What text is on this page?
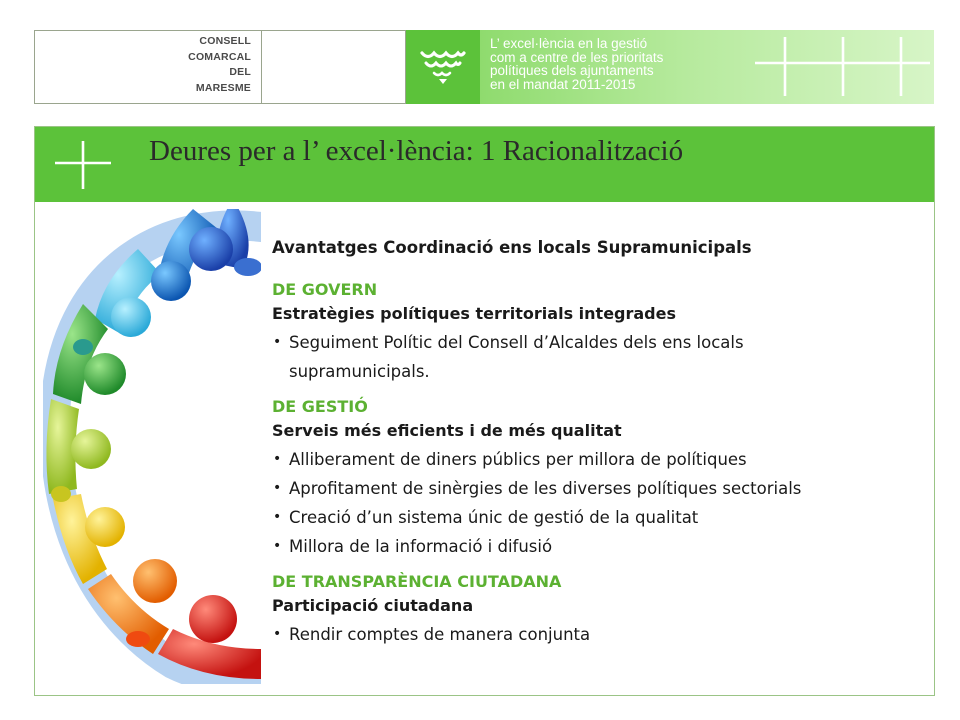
CONSELL
COMARCAL
DEL
MARESME
L’ excel·lència en la gestió
com a centre de les prioritats
polítiques dels ajuntaments
en el mandat 2011-2015
Deures per a l’ excel·lència: 1 Racionalització

Avantatges Coordinació ens locals Supramunicipals

DE GOVERN

Estratègies polítiques territorials integrades

• Seguiment Polític del Consell d’Alcaldes dels ens locals supramunicipals.

DE GESTIÓ

Serveis més eficients i de més qualitat

• Alliberament de diners públics per millora de polítiques
• Aprofitament de sinèrgies de les diverses polítiques sectorials
• Creació d’un sistema únic de gestió de la qualitat
• Millora de la informació i difusió

DE TRANSPARÈNCIA CIUTADANA

Participació ciutadana

• Rendir comptes de manera conjunta
